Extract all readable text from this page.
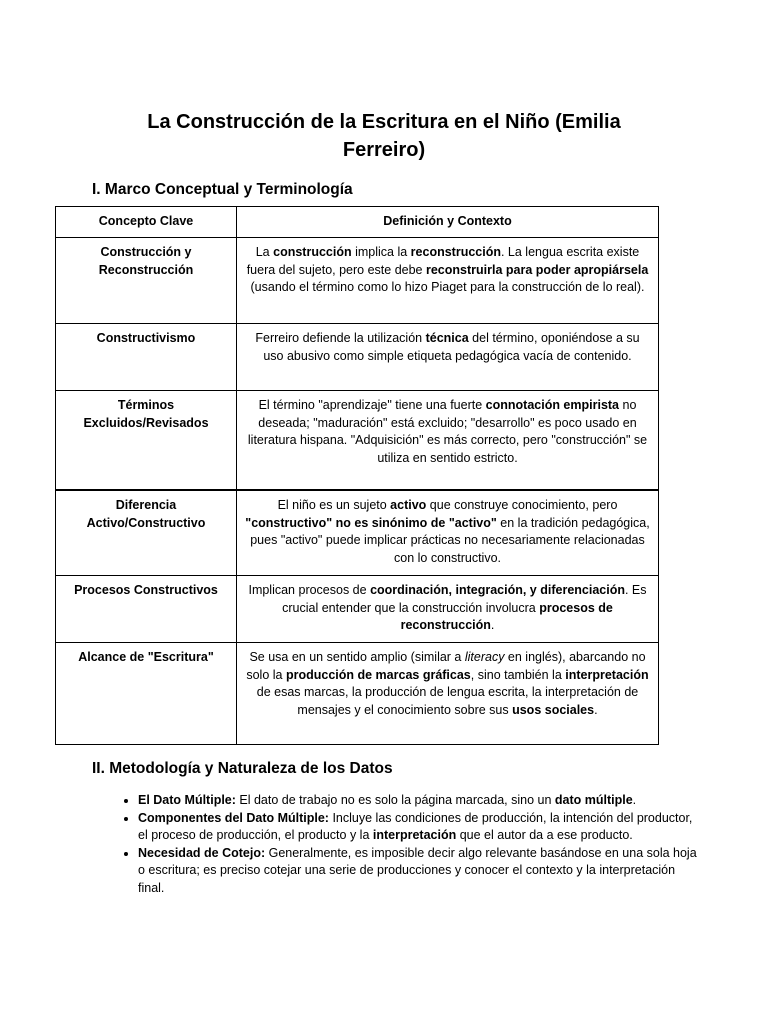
La Construcción de la Escritura en el Niño (Emilia Ferreiro)
I. Marco Conceptual y Terminología
Concepto Clave	Definición y Contexto
Construcción y Reconstrucción	La construcción implica la reconstrucción. La lengua escrita existe fuera del sujeto, pero este debe reconstruirla para poder apropiársela (usando el término como lo hizo Piaget para la construcción de lo real).
Constructivismo	Ferreiro defiende la utilización técnica del término, oponiéndose a su uso abusivo como simple etiqueta pedagógica vacía de contenido.
Términos Excluidos/Revisados	El término "aprendizaje" tiene una fuerte connotación empirista no deseada; "maduración" está excluido; "desarrollo" es poco usado en literatura hispana. "Adquisición" es más correcto, pero "construcción" se utiliza en sentido estricto.
Diferencia Activo/Constructivo	El niño es un sujeto activo que construye conocimiento, pero "constructivo" no es sinónimo de "activo" en la tradición pedagógica, pues "activo" puede implicar prácticas no necesariamente relacionadas con lo constructivo.
Procesos Constructivos	Implican procesos de coordinación, integración, y diferenciación. Es crucial entender que la construcción involucra procesos de reconstrucción.
Alcance de "Escritura"	Se usa en un sentido amplio (similar a literacy en inglés), abarcando no solo la producción de marcas gráficas, sino también la interpretación de esas marcas, la producción de lengua escrita, la interpretación de mensajes y el conocimiento sobre sus usos sociales.
II. Metodología y Naturaleza de los Datos
• El Dato Múltiple: El dato de trabajo no es solo la página marcada, sino un dato múltiple.
• Componentes del Dato Múltiple: Incluye las condiciones de producción, la intención del productor, el proceso de producción, el producto y la interpretación que el autor da a ese producto.
• Necesidad de Cotejo: Generalmente, es imposible decir algo relevante basándose en una sola hoja o escritura; es preciso cotejar una serie de producciones y conocer el contexto y la interpretación final.
